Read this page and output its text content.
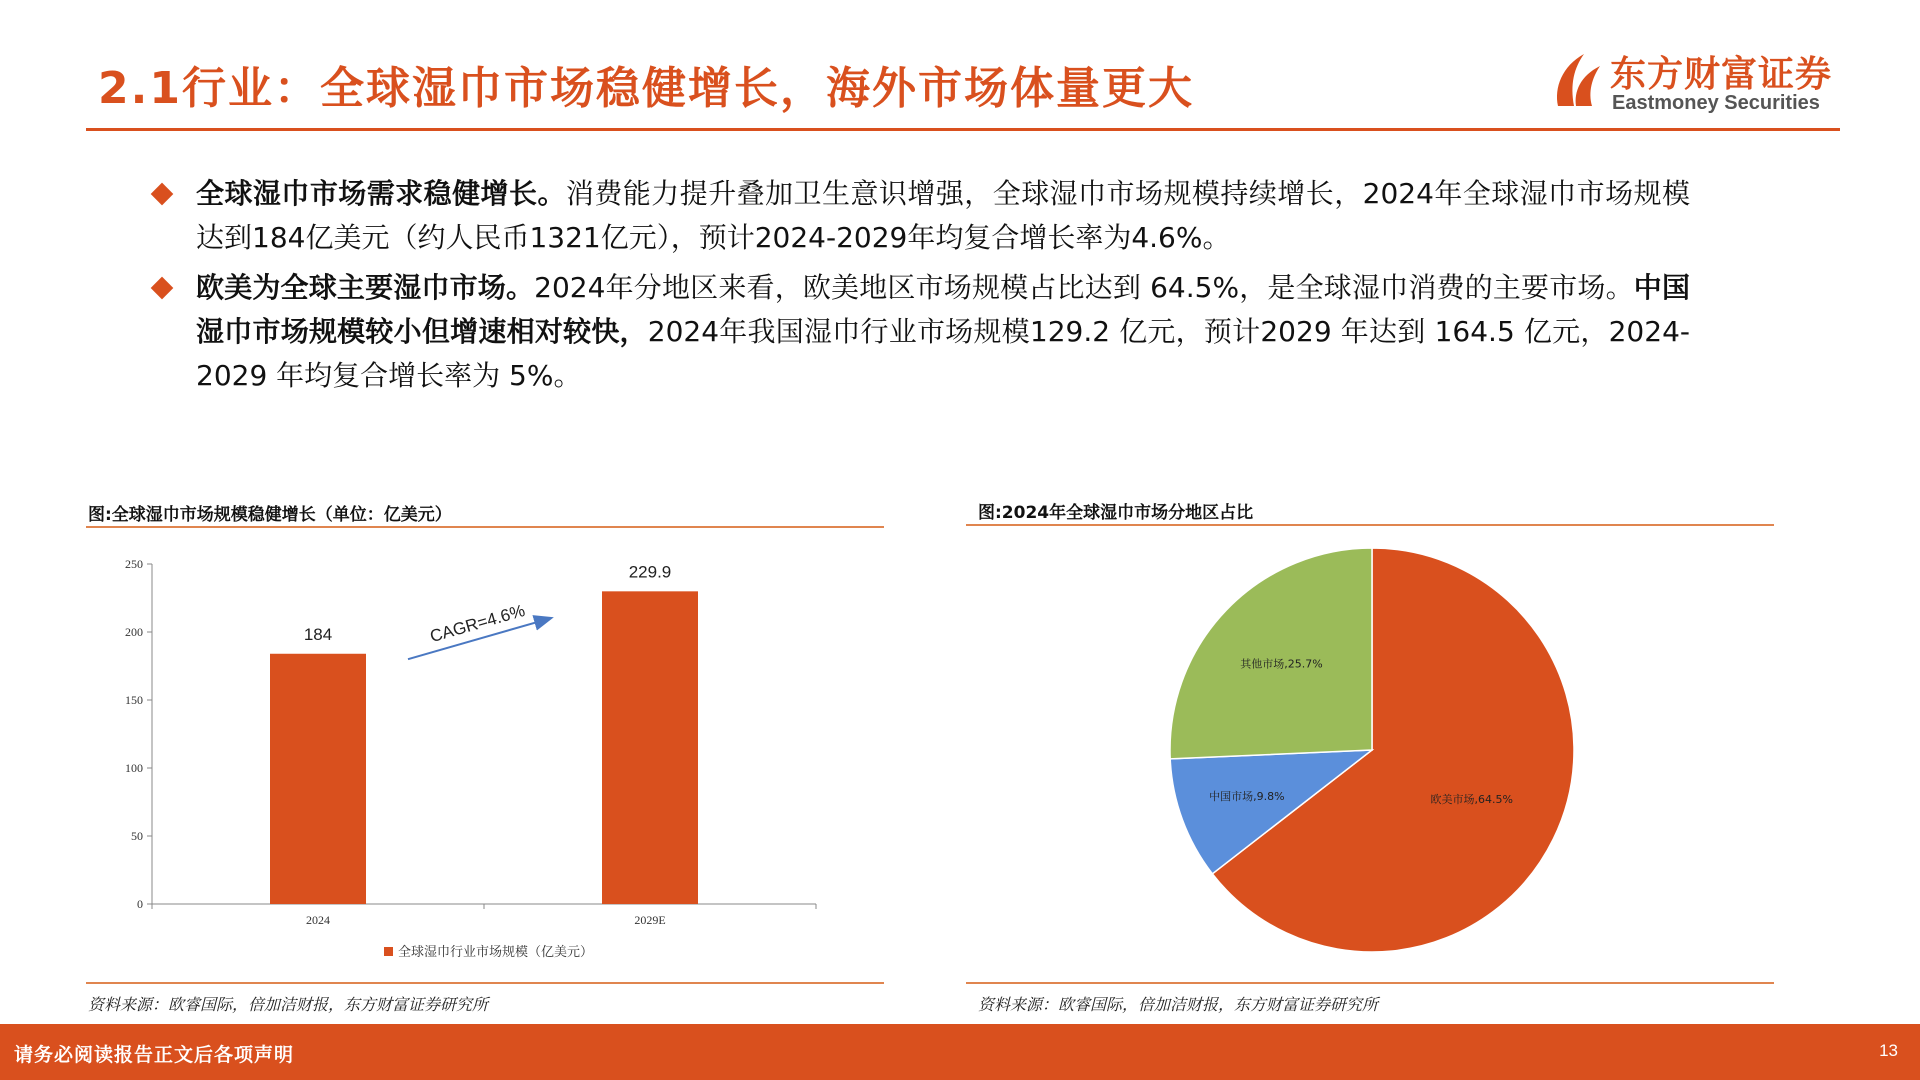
2.1行业：全球湿巾市场稳健增长，海外市场体量更大	东方财富证券
Eastmoney Securities
全球湿巾市场需求稳健增长。消费能力提升叠加卫生意识增强，全球湿巾市场规模持续增长，2024年全球湿巾市场规模达到184亿美元（约人民币1321亿元），预计2024-2029年均复合增长率为4.6%。
欧美为全球主要湿巾市场。2024年分地区来看，欧美地区市场规模占比达到 64.5%，是全球湿巾消费的主要市场。中国湿巾市场规模较小但增速相对较快，2024年我国湿巾行业市场规模129.2 亿元，预计2029 年达到 164.5 亿元，2024-2029 年均复合增长率为 5%。
图:全球湿巾市场规模稳健增长（单位：亿美元）
0
50
100
150
200
250
184
2024
229.9
2029E
CAGR=4.6%
全球湿巾行业市场规模（亿美元）
资料来源：欧睿国际，倍加洁财报，东方财富证券研究所
图:2024年全球湿巾市场分地区占比
欧美市场,64.5%
中国市场,9.8%
其他市场,25.7%
资料来源：欧睿国际，倍加洁财报，东方财富证券研究所
请务必阅读报告正文后各项声明	13
